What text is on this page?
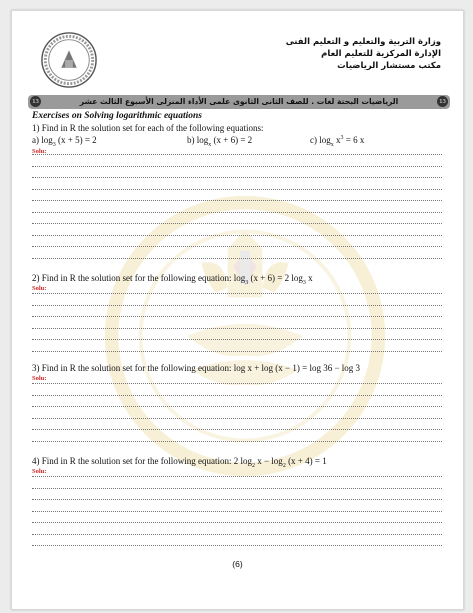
وزارة التربية والتعليم و التعليم الفنى
الإدارة المركزية للتعليم العام
مكتب مستشار الرياضيات
13
الرياضيات البحتة لغات . للصف الثانى الثانوى علمى الأداء المنزلى الأسبوع الثالث عشر
13
Exercises on Solving logarithmic equations
1) Find in R the solution set for each of the following equations:
a) $\log_3 (x + 5) = 2$	b) $\log_x (x + 6) = 2$	c) $\log_x x^3 = 6$ x
Solu:
2) Find in R the solution set for the following equation: $\log_3 (x + 6) = 2$ $\log_3 x$
Solu:
3) Find in R the solution set for the following equation: log x + log (x − 1) = log 36 − log 3
Solu:
4) Find in R the solution set for the following equation: 2 $\log_2 x - \log_2 (x + 4) = 1$
Solu:
(6)
